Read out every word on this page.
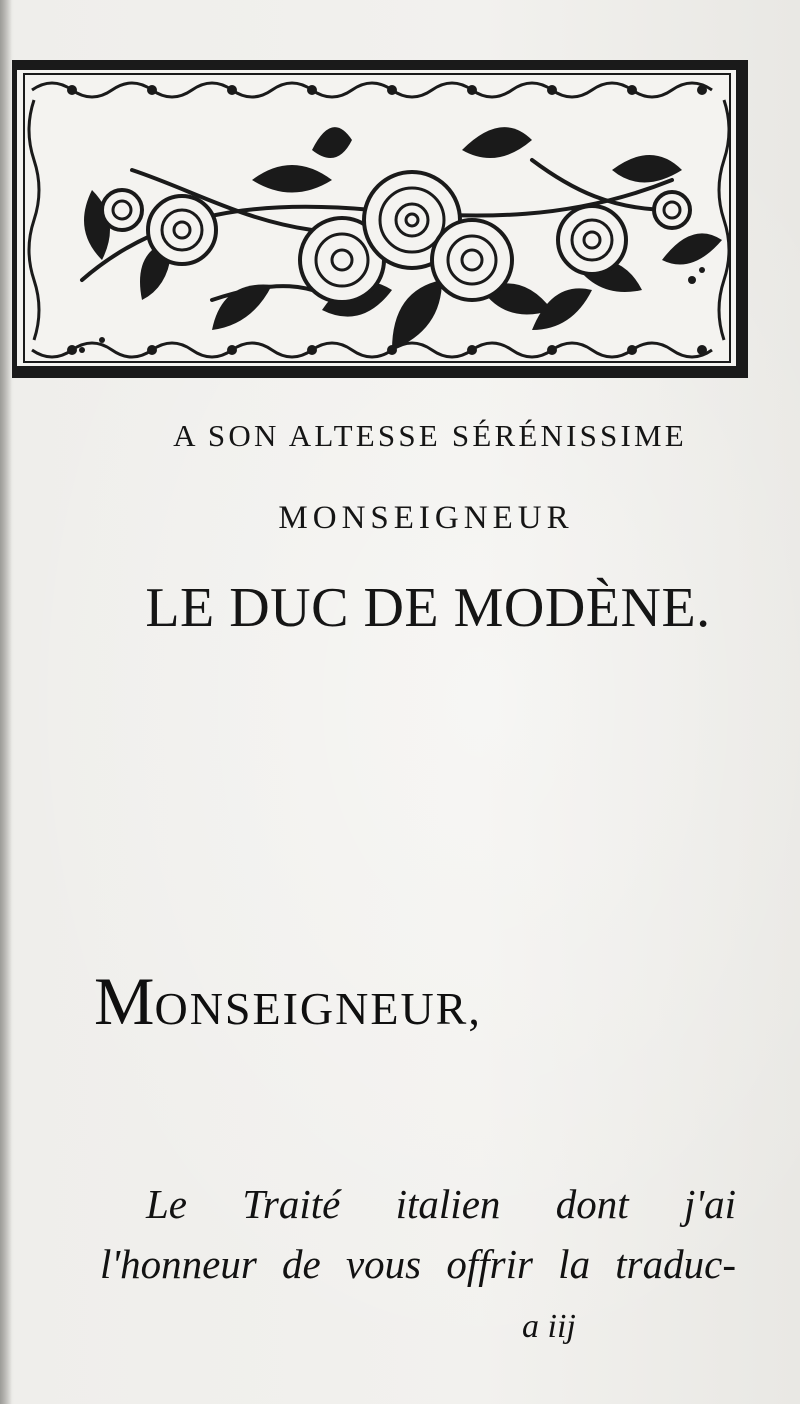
A SON ALTESSE SÉRÉNISSIME
MONSEIGNEUR
LE DUC DE MODÈNE.
MONSEIGNEUR,
Le Traité italien dont j'ai
l'honneur de vous offrir la traduc-
a iij
